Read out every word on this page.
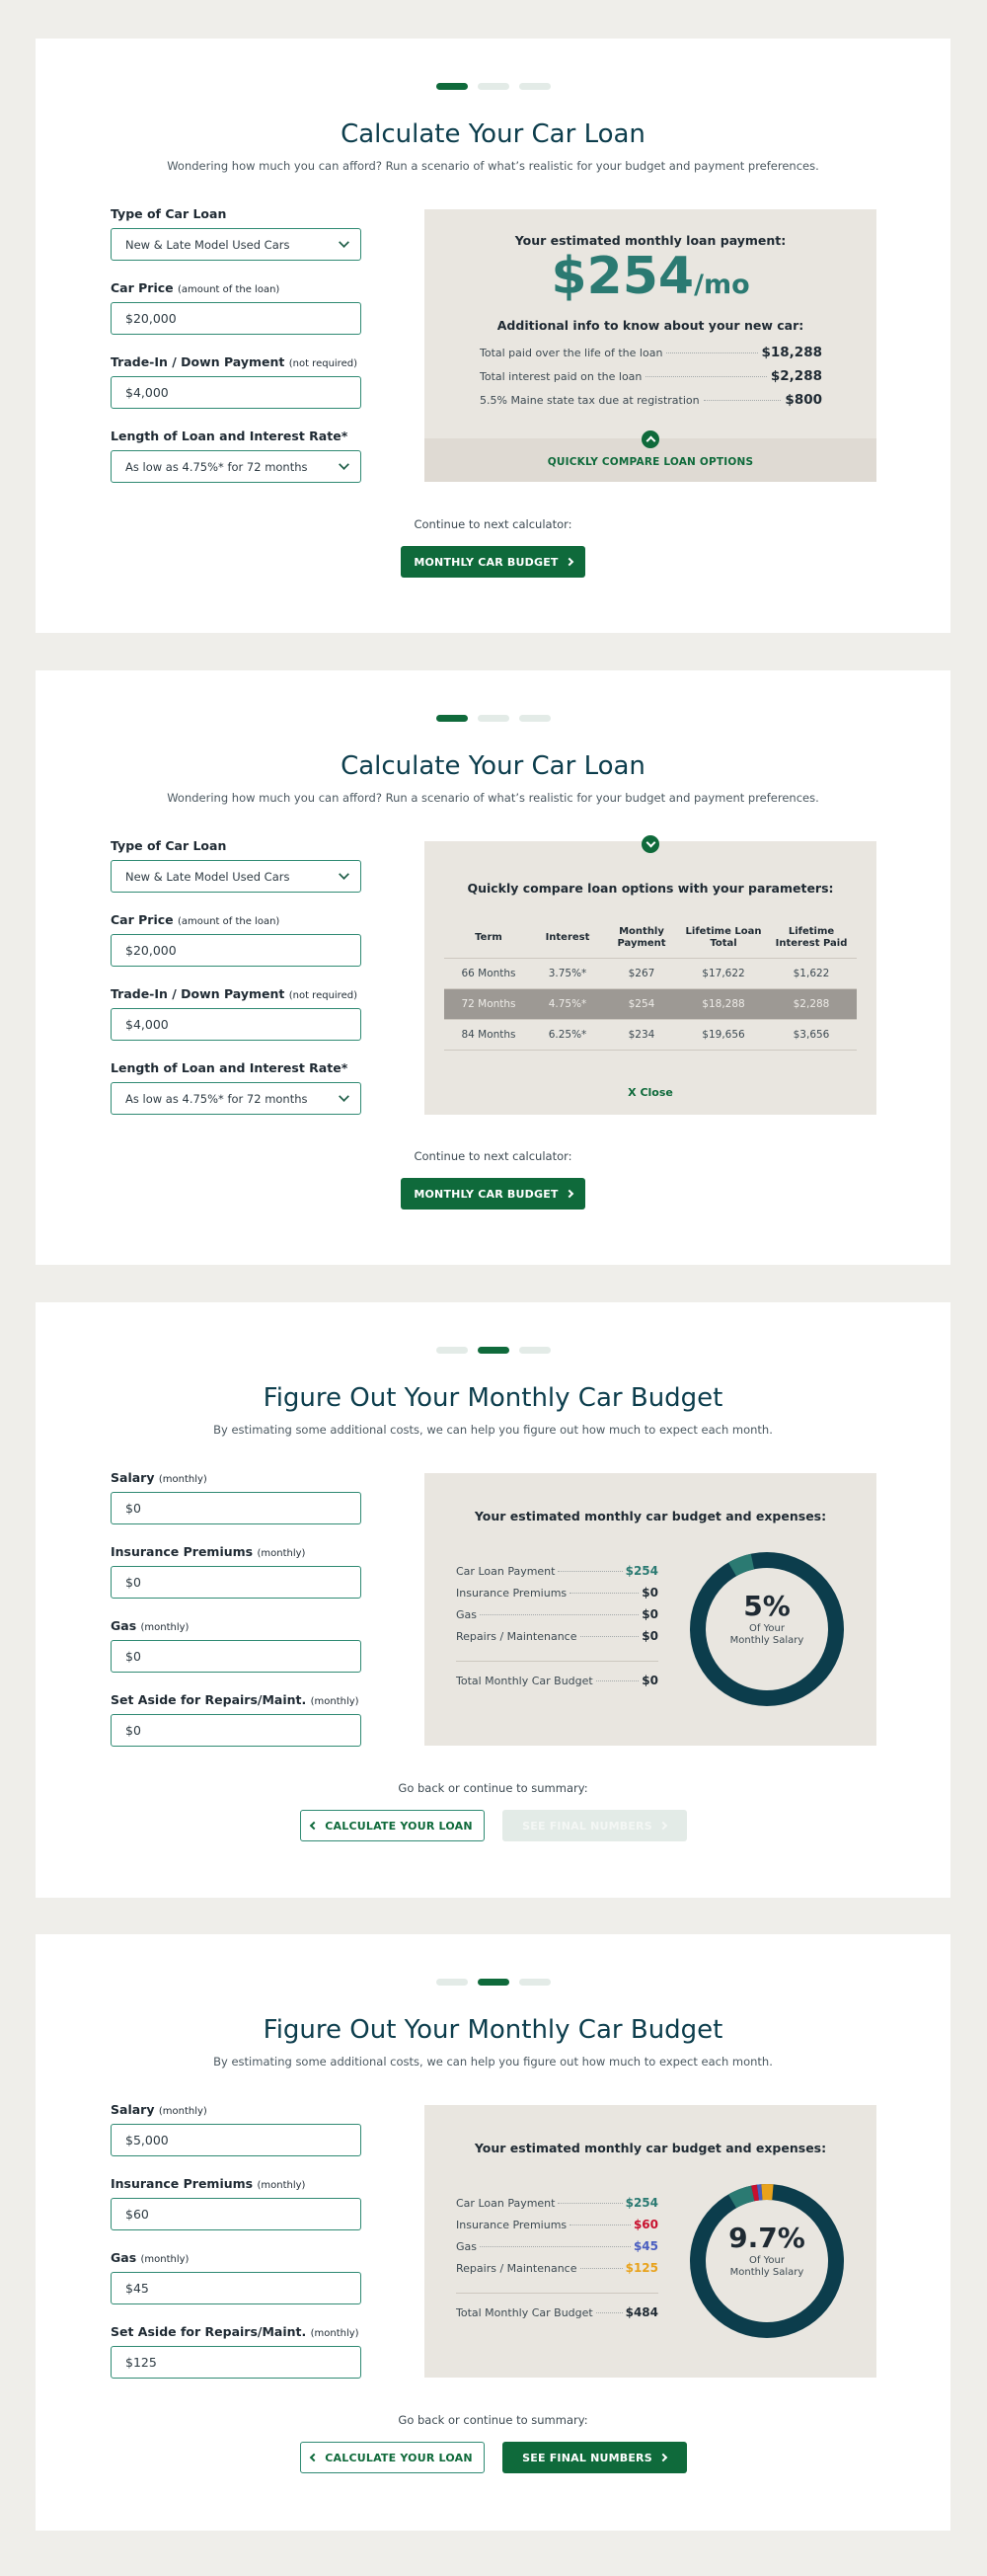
Calculate Your Car Loan
Wondering how much you can afford? Run a scenario of what’s realistic for your budget and payment preferences.
Type of Car Loan
New & Late Model Used Cars
Car Price (amount of the loan)
$20,000
Trade-In / Down Payment (not required)
$4,000
Length of Loan and Interest Rate*
As low as 4.75%* for 72 months
Your estimated monthly loan payment:
$254/mo
Additional info to know about your new car:
Total paid over the life of the loan	$18,288
Total interest paid on the loan	$2,288
5.5% Maine state tax due at registration	$800
QUICKLY COMPARE LOAN OPTIONS
Continue to next calculator:
MONTHLY CAR BUDGET
Calculate Your Car Loan
Wondering how much you can afford? Run a scenario of what’s realistic for your budget and payment preferences.
Type of Car Loan
New & Late Model Used Cars
Car Price (amount of the loan)
$20,000
Trade-In / Down Payment (not required)
$4,000
Length of Loan and Interest Rate*
As low as 4.75%* for 72 months
Quickly compare loan options with your parameters:
Term	Interest	Monthly Payment	Lifetime Loan Total	Lifetime Interest Paid
66 Months	3.75%*	$267	$17,622	$1,622
72 Months	4.75%*	$254	$18,288	$2,288
84 Months	6.25%*	$234	$19,656	$3,656
X Close
Continue to next calculator:
MONTHLY CAR BUDGET
Figure Out Your Monthly Car Budget
By estimating some additional costs, we can help you figure out how much to expect each month.
Salary (monthly)
$0
Insurance Premiums (monthly)
$0
Gas (monthly)
$0
Set Aside for Repairs/Maint. (monthly)
$0
Your estimated monthly car budget and expenses:
Car Loan Payment	$254
Insurance Premiums	$0
Gas	$0
Repairs / Maintenance	$0
Total Monthly Car Budget	$0
5%
Of Your
Monthly Salary
Go back or continue to summary:
CALCULATE YOUR LOAN	SEE FINAL NUMBERS
Figure Out Your Monthly Car Budget
By estimating some additional costs, we can help you figure out how much to expect each month.
Salary (monthly)
$5,000
Insurance Premiums (monthly)
$60
Gas (monthly)
$45
Set Aside for Repairs/Maint. (monthly)
$125
Your estimated monthly car budget and expenses:
Car Loan Payment	$254
Insurance Premiums	$60
Gas	$45
Repairs / Maintenance	$125
Total Monthly Car Budget	$484
9.7%
Of Your
Monthly Salary
Go back or continue to summary:
CALCULATE YOUR LOAN	SEE FINAL NUMBERS
